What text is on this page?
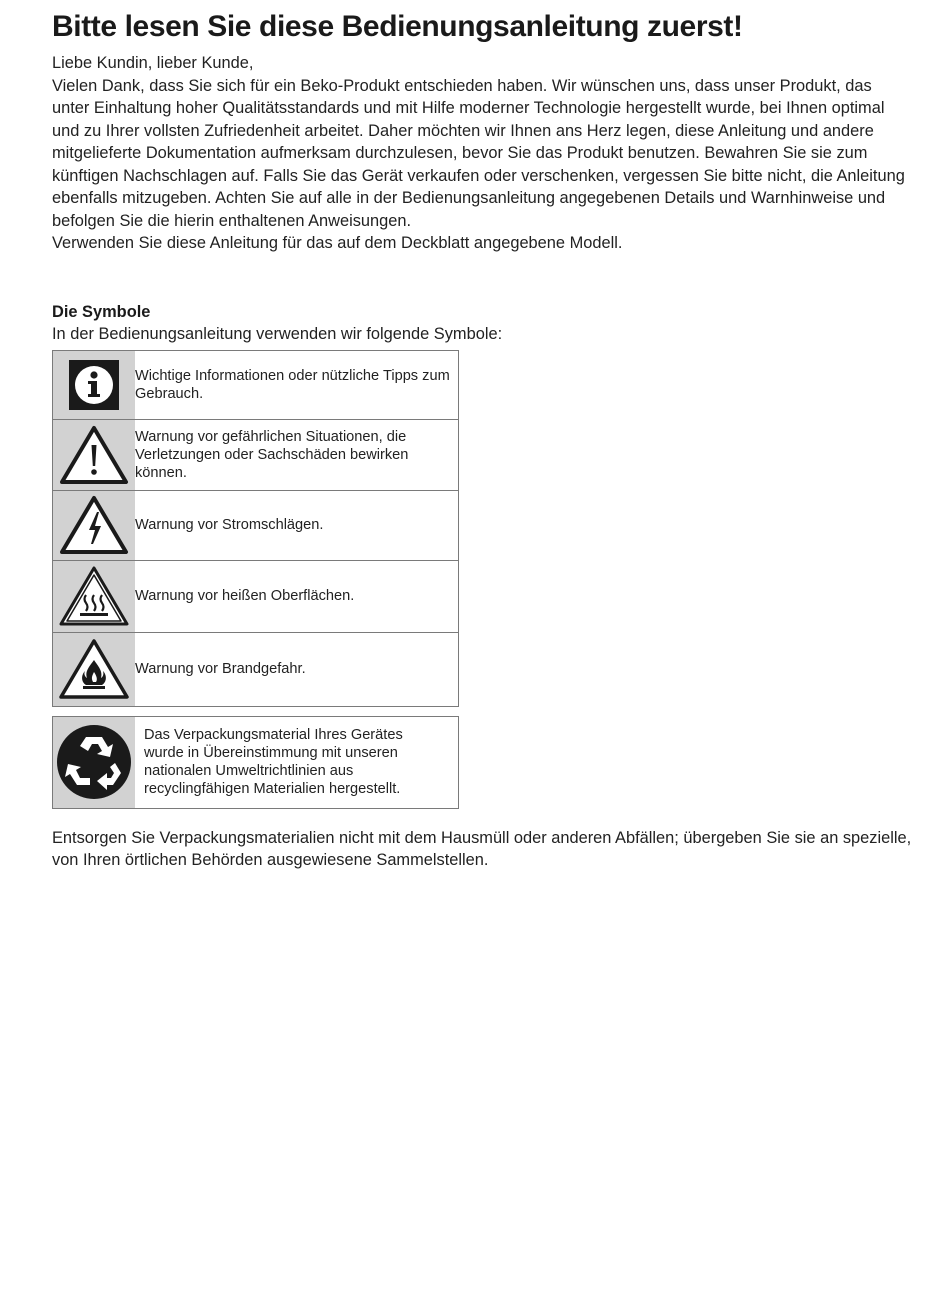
Bitte lesen Sie diese Bedienungsanleitung zuerst!

Liebe Kundin, lieber Kunde,

Vielen Dank, dass Sie sich für ein Beko-Produkt entschieden haben. Wir wünschen uns, dass unser Produkt, das unter Einhaltung hoher Qualitätsstandards und mit Hilfe moderner Technologie hergestellt wurde, bei Ihnen optimal und zu Ihrer vollsten Zufriedenheit arbeitet. Daher möchten wir Ihnen ans Herz legen, diese Anleitung und andere mitgelieferte Dokumentation aufmerksam durchzulesen, bevor Sie das Produkt benutzen. Bewahren Sie sie zum künftigen Nachschlagen auf. Falls Sie das Gerät verkaufen oder verschenken, vergessen Sie bitte nicht, die Anleitung ebenfalls mitzugeben. Achten Sie auf alle in der Bedienungsanleitung angegebenen Details und Warnhinweise und befolgen Sie die hierin enthaltenen Anweisungen.

Verwenden Sie diese Anleitung für das auf dem Deckblatt angegebene Modell.

Die Symbole
In der Bedienungsanleitung verwenden wir folgende Symbole:
	Wichtige Informationen oder nützliche Tipps zum Gebrauch.

	Warnung vor gefährlichen Situationen, die Verletzungen oder Sachschäden bewirken können.

	Warnung vor Stromschlägen.

	Warnung vor heißen Oberflächen.

	Warnung vor Brandgefahr.
	Das Verpackungsmaterial Ihres Gerätes wurde in Übereinstimmung mit unseren nationalen Umweltrichtlinien aus recyclingfähigen Materialien hergestellt.
Entsorgen Sie Verpackungsmaterialien nicht mit dem Hausmüll oder anderen Abfällen; übergeben Sie sie an spezielle, von Ihren örtlichen Behörden ausgewiesene Sammelstellen.
